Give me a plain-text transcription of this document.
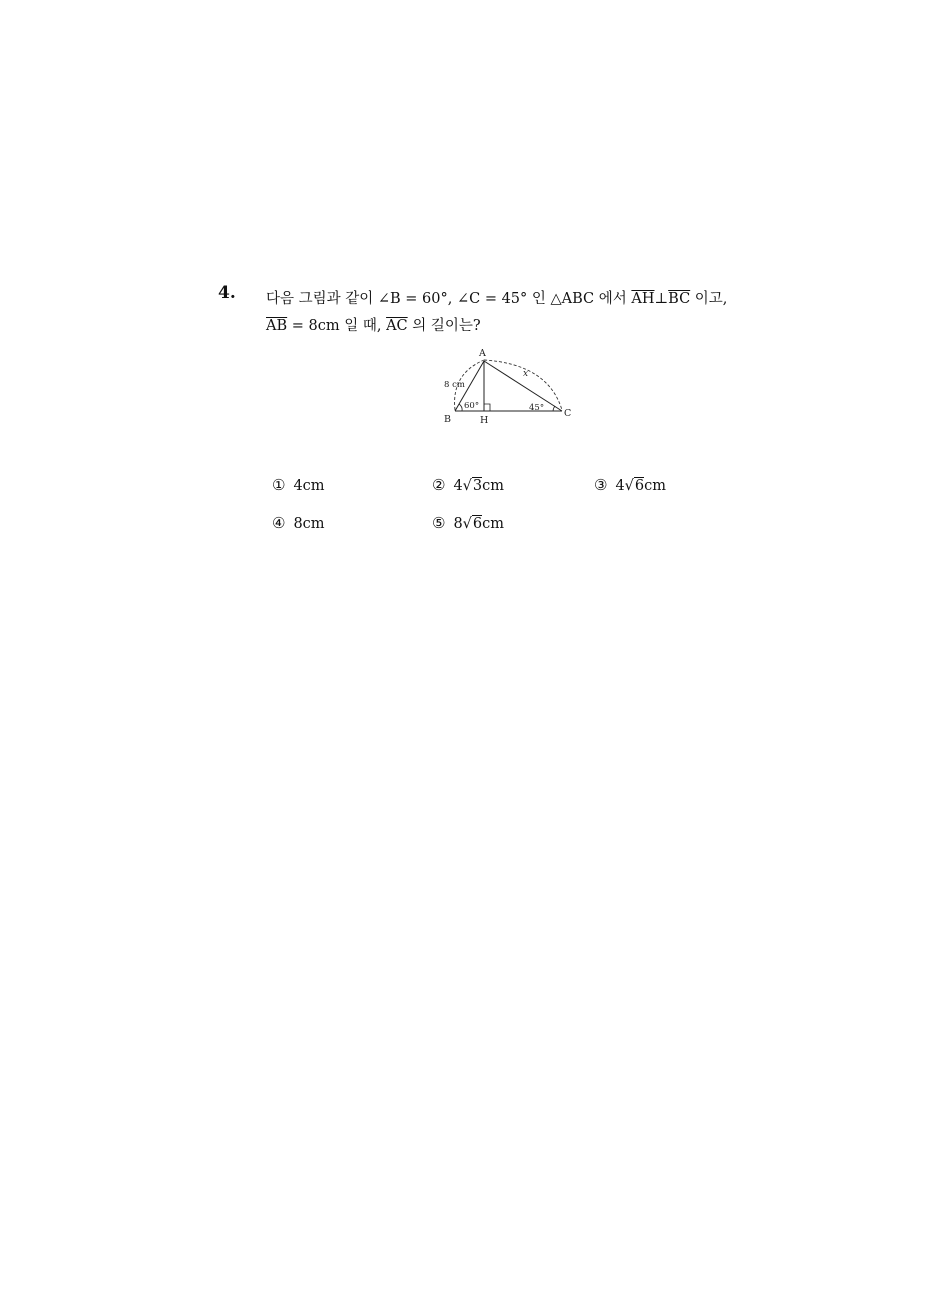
4. 다음 그림과 같이 ∠B = 60°, ∠C = 45° 인 △ABC 에서 $\overline{AH}\perp\overline{BC}$ 이고,
$\overline{AB} = 8cm$ 일 때, $\overline{AC}$ 의 길이는?
A
B
C
H
8 cm
x
60°	45°
① 4cm	② 4√3cm	③ 4√6cm
④ 8cm	⑤ 8√6cm
